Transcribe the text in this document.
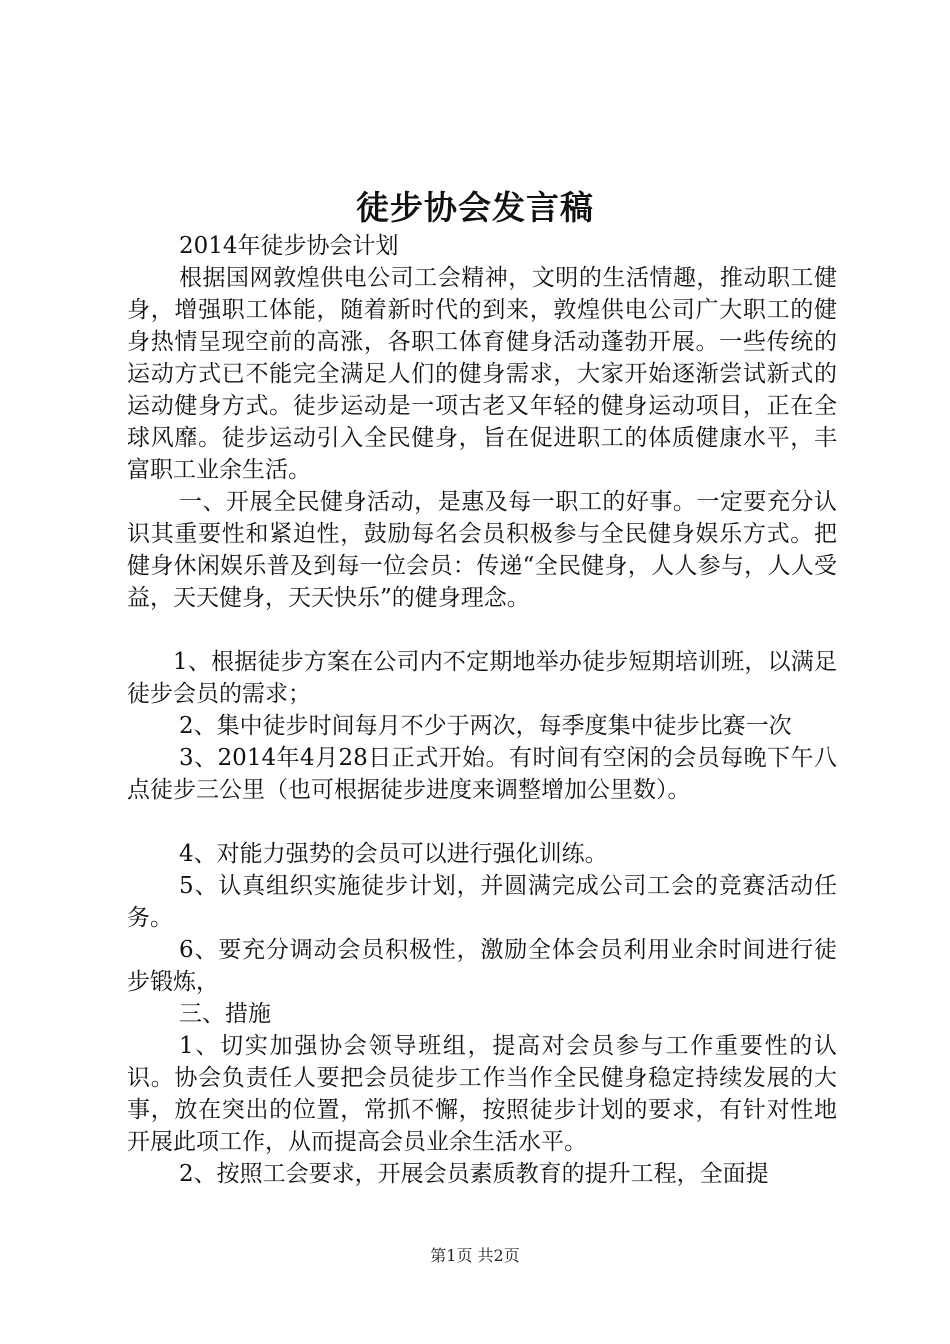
徒步协会发言稿

2014年徒步协会计划

根据国网敦煌供电公司工会精神，文明的生活情趣，推动职工健身，增强职工体能，随着新时代的到来，敦煌供电公司广大职工的健身热情呈现空前的高涨，各职工体育健身活动蓬勃开展。一些传统的运动方式已不能完全满足人们的健身需求，大家开始逐渐尝试新式的运动健身方式。徒步运动是一项古老又年轻的健身运动项目，正在全球风靡。徒步运动引入全民健身，旨在促进职工的体质健康水平，丰富职工业余生活。

一、开展全民健身活动，是惠及每一职工的好事。一定要充分认识其重要性和紧迫性，鼓励每名会员积极参与全民健身娱乐方式。把健身休闲娱乐普及到每一位会员：传递“全民健身，人人参与，人人受益，天天健身，天天快乐”的健身理念。

1、根据徒步方案在公司内不定期地举办徒步短期培训班，以满足徒步会员的需求；

2、集中徒步时间每月不少于两次，每季度集中徒步比赛一次

3、2014年4月28日正式开始。有时间有空闲的会员每晚下午八点徒步三公里（也可根据徒步进度来调整增加公里数）。

4、对能力强势的会员可以进行强化训练。

5、认真组织实施徒步计划，并圆满完成公司工会的竞赛活动任务。

6、要充分调动会员积极性，激励全体会员利用业余时间进行徒步锻炼，

三、措施

1、切实加强协会领导班组，提高对会员参与工作重要性的认识。协会负责任人要把会员徒步工作当作全民健身稳定持续发展的大事，放在突出的位置，常抓不懈，按照徒步计划的要求，有针对性地开展此项工作，从而提高会员业余生活水平。

2、按照工会要求，开展会员素质教育的提升工程，全面提

第1页 共2页
